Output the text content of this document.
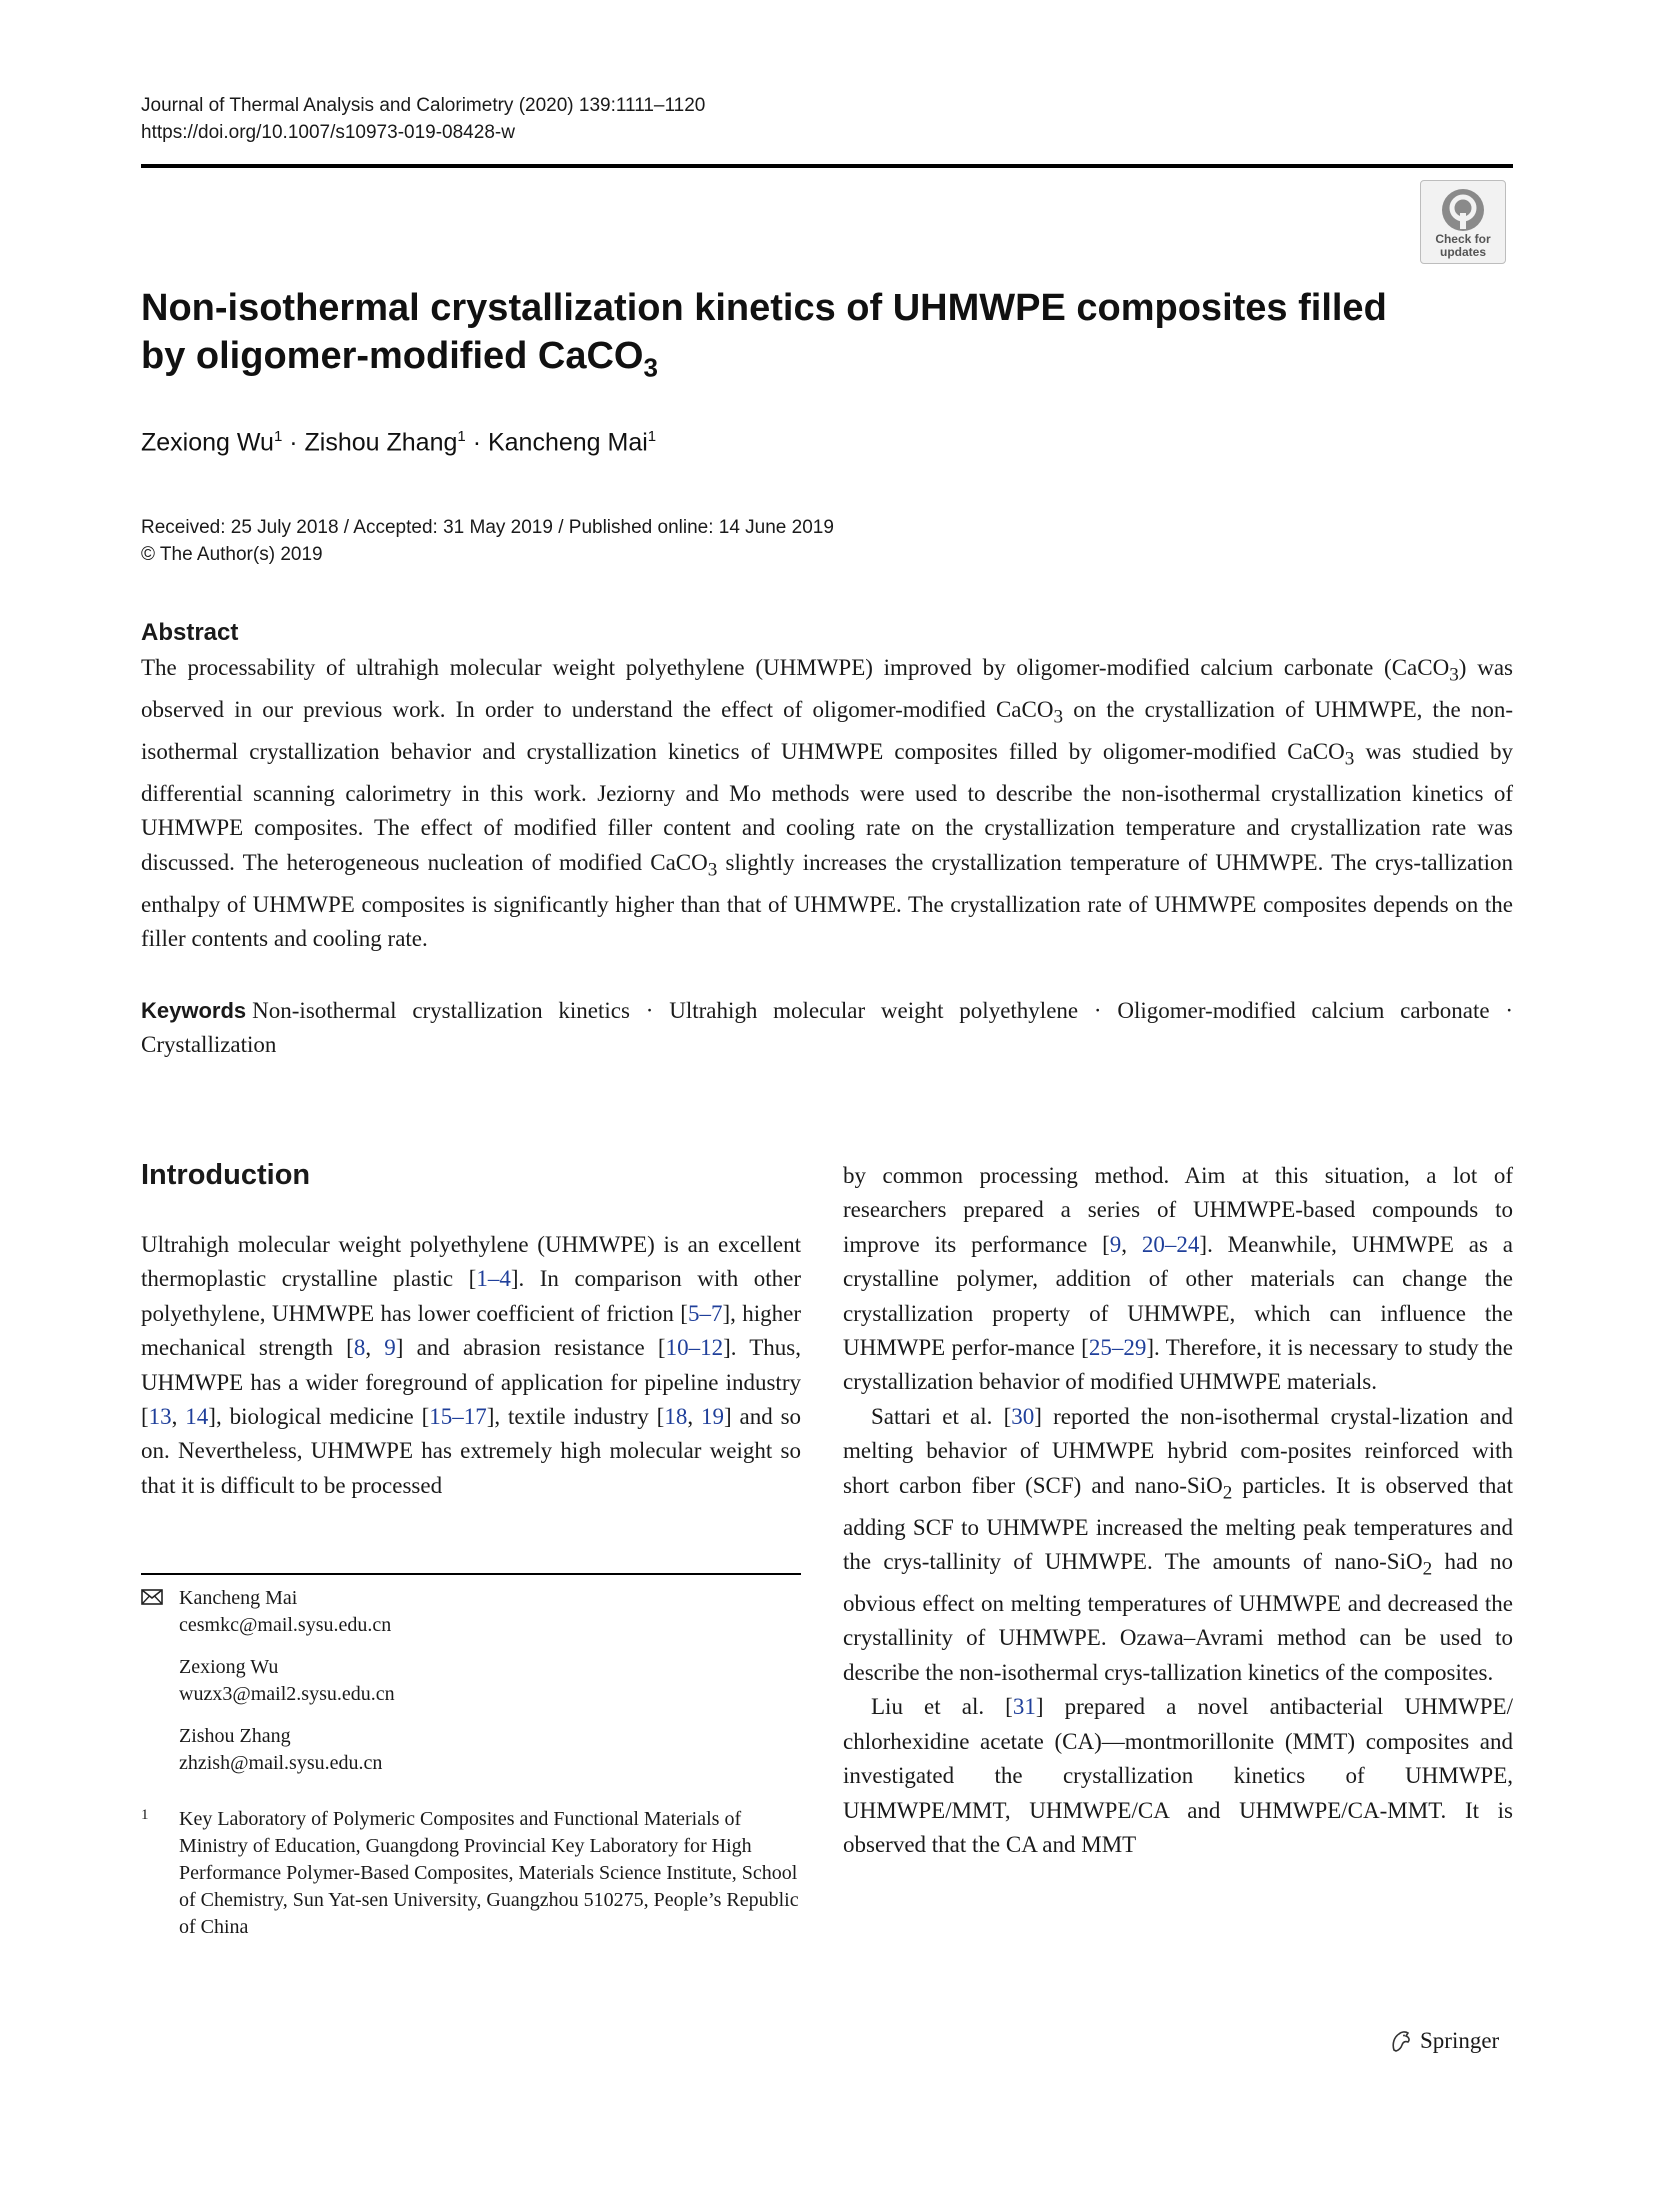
Journal of Thermal Analysis and Calorimetry (2020) 139:1111–1120
https://doi.org/10.1007/s10973-019-08428-w
Check for
updates
Non-isothermal crystallization kinetics of UHMWPE composites filled
by oligomer-modified CaCO$_3$
Zexiong $Wu^1$ · Zishou Zhang$^1$ · Kancheng Mai$^1$
Received: 25 July 2018 / Accepted: 31 May 2019 / Published online: 14 June 2019
© The Author(s) 2019
Abstract
The processability of ultrahigh molecular weight polyethylene (UHMWPE) improved by oligomer-modified calcium carbonate (CaCO$_3$) was observed in our previous work. In order to understand the effect of oligomer-modified CaCO$_3$ on the crystallization of UHMWPE, the non-isothermal crystallization behavior and crystallization kinetics of UHMWPE composites filled by oligomer-modified CaCO$_3$ was studied by differential scanning calorimetry in this work. Jeziorny and Mo methods were used to describe the non-isothermal crystallization kinetics of UHMWPE composites. The effect of modified filler content and cooling rate on the crystallization temperature and crystallization rate was discussed. The heterogeneous nucleation of modified CaCO$_3$ slightly increases the crystallization temperature of UHMWPE. The crys-tallization enthalpy of UHMWPE composites is significantly higher than that of UHMWPE. The crystallization rate of UHMWPE composites depends on the filler contents and cooling rate.
Keywords Non-isothermal crystallization kinetics · Ultrahigh molecular weight polyethylene · Oligomer-modified calcium carbonate · Crystallization
Introduction

Ultrahigh molecular weight polyethylene (UHMWPE) is an excellent thermoplastic crystalline plastic [1–4]. In comparison with other polyethylene, UHMWPE has lower coefficient of friction [5–7], higher mechanical strength [8, 9] and abrasion resistance [10–12]. Thus, UHMWPE has a wider foreground of application for pipeline industry [13, 14], biological medicine [15–17], textile industry [18, 19] and so on. Nevertheless, UHMWPE has extremely high molecular weight so that it is difficult to be processed

by common processing method. Aim at this situation, a lot of researchers prepared a series of UHMWPE-based compounds to improve its performance [9, 20–24]. Meanwhile, UHMWPE as a crystalline polymer, addition of other materials can change the crystallization property of UHMWPE, which can influence the UHMWPE perfor-mance [25–29]. Therefore, it is necessary to study the crystallization behavior of modified UHMWPE materials.

Sattari et al. [30] reported the non-isothermal crystal-lization and melting behavior of UHMWPE hybrid com-posites reinforced with short carbon fiber (SCF) and nano-SiO$_2$ particles. It is observed that adding SCF to UHMWPE increased the melting peak temperatures and the crys-tallinity of UHMWPE. The amounts of nano-SiO$_2$ had no obvious effect on melting temperatures of UHMWPE and decreased the crystallinity of UHMWPE. Ozawa–Avrami method can be used to describe the non-isothermal crys-tallization kinetics of the composites.

Liu et al. [31] prepared a novel antibacterial UHMWPE/ chlorhexidine acetate (CA)—montmorillonite (MMT) composites and investigated the crystallization kinetics of UHMWPE, UHMWPE/MMT, UHMWPE/CA and UHMWPE/CA-MMT. It is observed that the CA and MMT

Kancheng Mai
cesmkc@mail.sysu.edu.cn
Zexiong Wu
wuzx3@mail2.sysu.edu.cn
Zishou Zhang
zhzish@mail.sysu.edu.cn
1 Key Laboratory of Polymeric Composites and Functional Materials of Ministry of Education, Guangdong Provincial Key Laboratory for High Performance Polymer-Based Composites, Materials Science Institute, School of Chemistry, Sun Yat-sen University, Guangzhou 510275, People’s Republic of China
Springer
